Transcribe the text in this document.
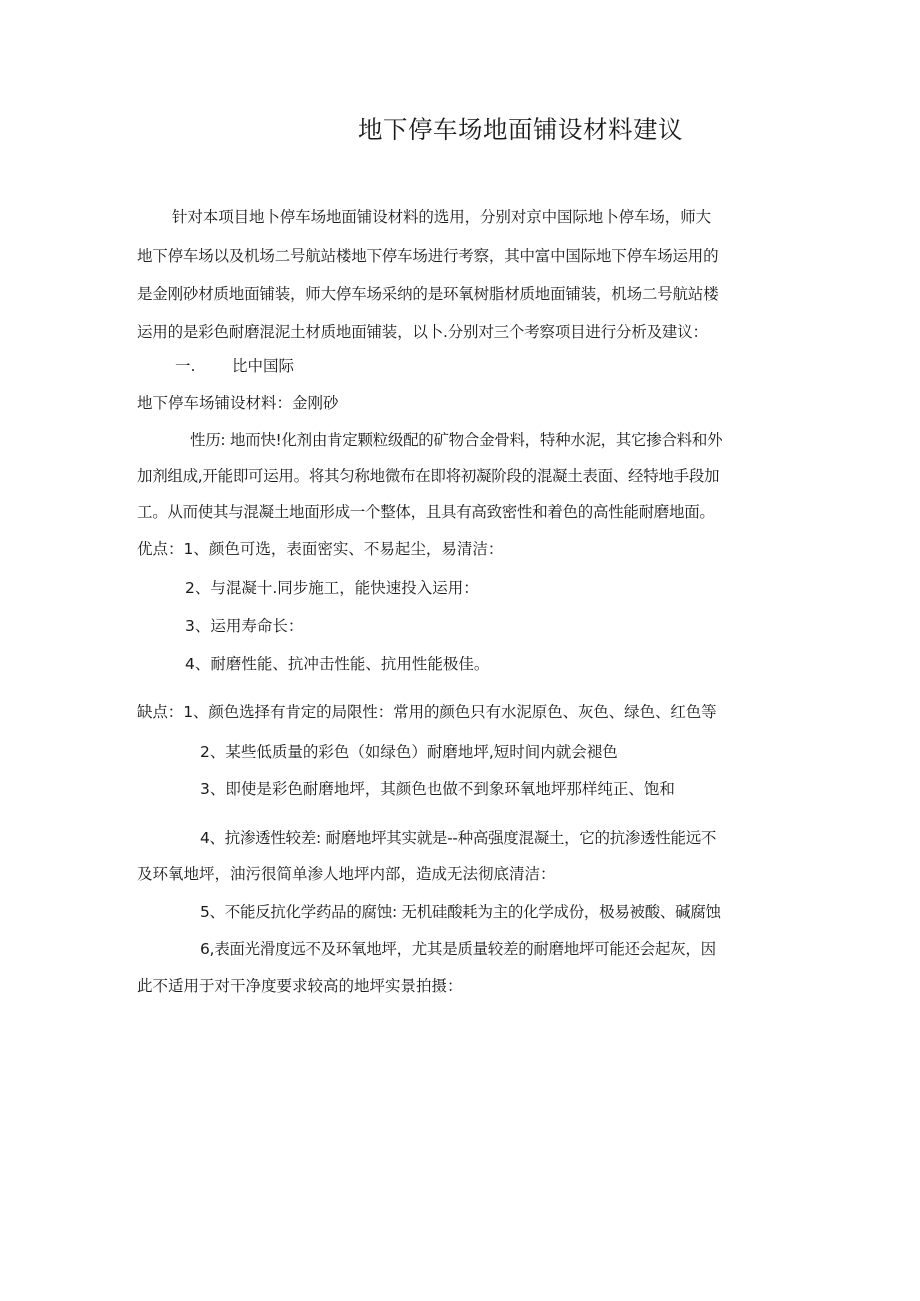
地下停车场地面铺设材料建议
针对本项目地卜停车场地面铺设材料的选用，分别对京中国际地卜停车场，师大
地下停车场以及机场二号航站楼地下停车场进行考察，其中富中国际地下停车场运用的
是金刚砂材质地面铺装，师大停车场采纳的是环氧树脂材质地面铺装，机场二号航站楼
运用的是彩色耐磨混泥土材质地面铺装，以卜.分别对三个考察项目进行分析及建议：
一. 比中国际
地下停车场铺设材料：金刚砂
性历: 地而快!化剂由肯定颗粒级配的矿物合金骨料，特种水泥，其它掺合料和外
加剂组成,开能即可运用。将其匀称地微布在即将初凝阶段的混凝土表面、经特地手段加
工。从而使其与混凝土地面形成一个整体，且具有高致密性和着色的高性能耐磨地面。
优点：1、颜色可选，表面密实、不易起尘，易清洁：
2、与混凝十.同步施工，能快速投入运用：
3、运用寿命长：
4、耐磨性能、抗冲击性能、抗用性能极佳。
缺点：1、颜色选择有肯定的局限性：常用的颜色只有水泥原色、灰色、绿色、红色等
2、某些低质量的彩色（如绿色）耐磨地坪,短时间内就会褪色
3、即使是彩色耐磨地坪，其颜色也做不到象环氧地坪那样纯正、饱和
4、抗渗透性较差: 耐磨地坪其实就是--种高强度混凝土，它的抗渗透性能远不
及环氧地坪，油污很简单渗人地坪内部，造成无法彻底清洁：
5、不能反抗化学药品的腐蚀: 无机硅酸耗为主的化学成份，极易被酸、碱腐蚀
6,表面光滑度远不及环氧地坪，尤其是质量较差的耐磨地坪可能还会起灰，因
此不适用于对干净度要求较高的地坪实景拍摄：
